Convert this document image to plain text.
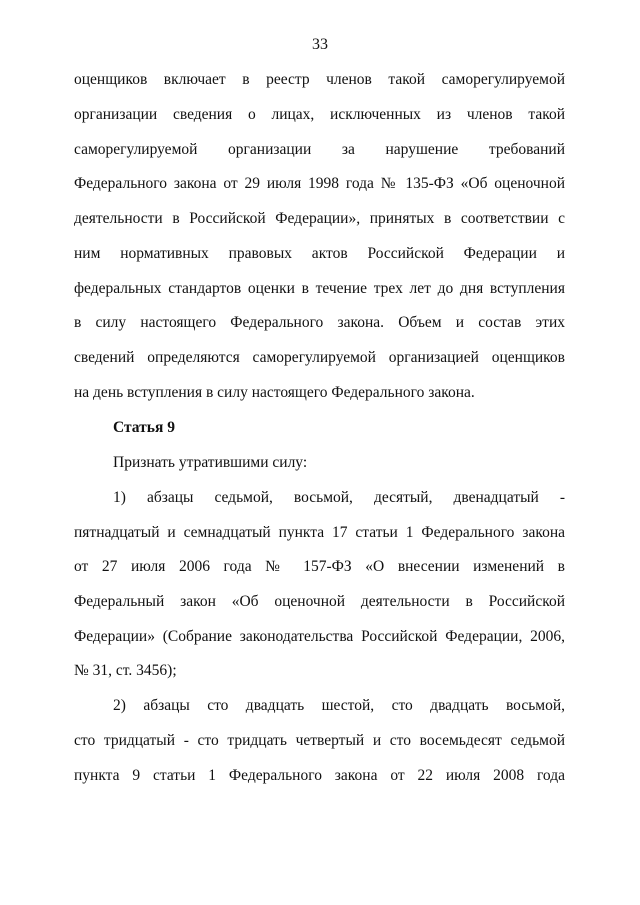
33
оценщиков включает в реестр членов такой саморегулируемой
организации сведения о лицах, исключенных из членов такой
саморегулируемой организации за нарушение требований
Федерального закона от 29 июля 1998 года № 135-ФЗ «Об оценочной
деятельности в Российской Федерации», принятых в соответствии с
ним нормативных правовых актов Российской Федерации и
федеральных стандартов оценки в течение трех лет до дня вступления
в силу настоящего Федерального закона. Объем и состав этих
сведений определяются саморегулируемой организацией оценщиков
на день вступления в силу настоящего Федерального закона.
Статья 9
Признать утратившими силу:
1) абзацы седьмой, восьмой, десятый, двенадцатый -
пятнадцатый и семнадцатый пункта 17 статьи 1 Федерального закона
от 27 июля 2006 года № 157-ФЗ «О внесении изменений в
Федеральный закон «Об оценочной деятельности в Российской
Федерации» (Собрание законодательства Российской Федерации, 2006,
№ 31, ст. 3456);
2) абзацы сто двадцать шестой, сто двадцать восьмой,
сто тридцатый - сто тридцать четвертый и сто восемьдесят седьмой
пункта 9 статьи 1 Федерального закона от 22 июля 2008 года
